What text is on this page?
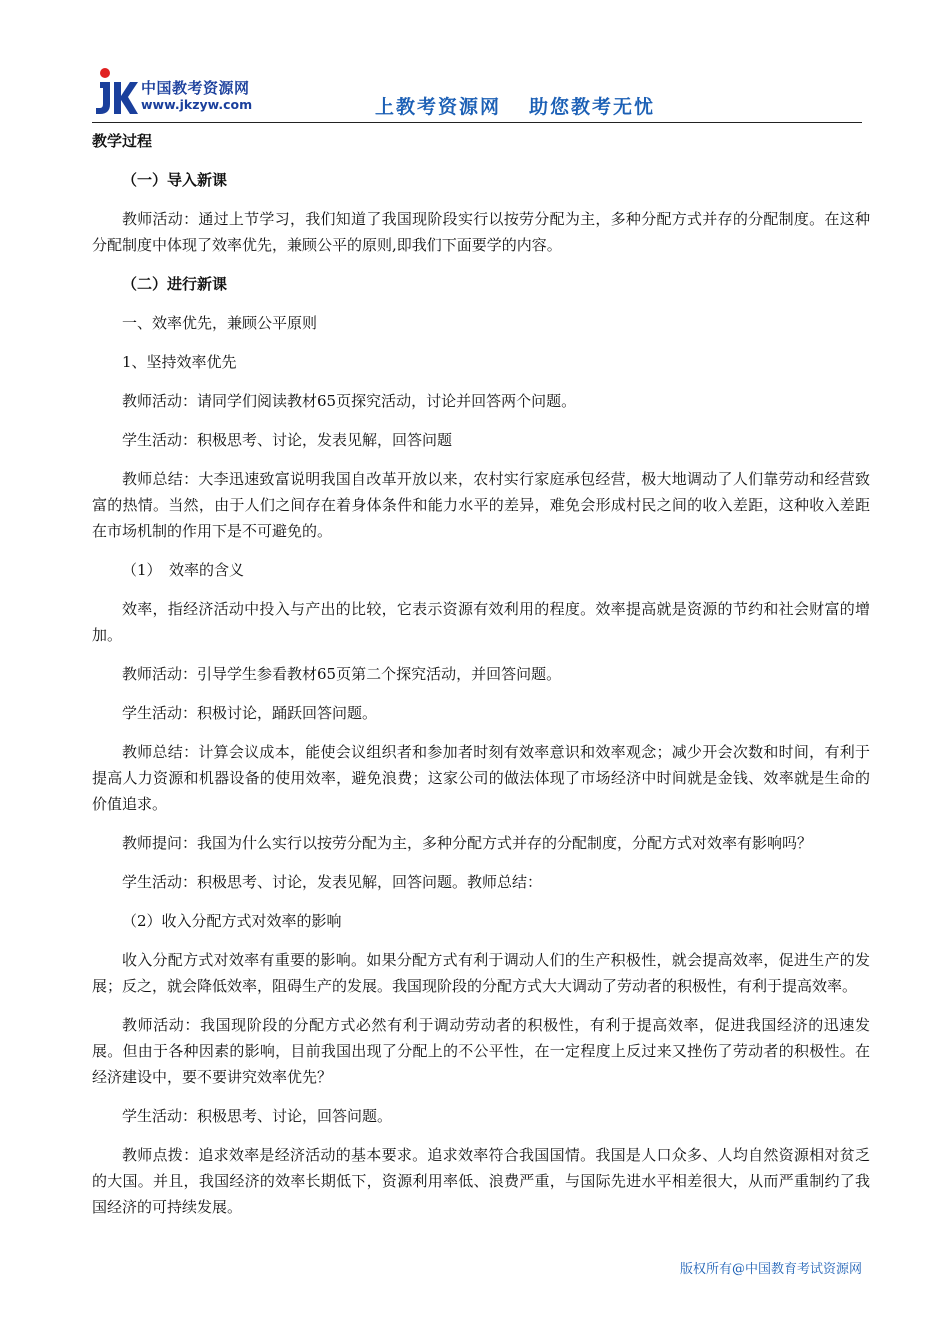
中国教考资源网
www.jkzyw.com	上教考资源网 助您教考无忧

教学过程

（一）导入新课

教师活动：通过上节学习，我们知道了我国现阶段实行以按劳分配为主，多种分配方式并存的分配制度。在这种分配制度中体现了效率优先，兼顾公平的原则,即我们下面要学的内容。

（二）进行新课

一、效率优先，兼顾公平原则

1、坚持效率优先

教师活动：请同学们阅读教材65页探究活动，讨论并回答两个问题。

学生活动：积极思考、讨论，发表见解，回答问题

教师总结：大李迅速致富说明我国自改革开放以来，农村实行家庭承包经营，极大地调动了人们靠劳动和经营致富的热情。当然，由于人们之间存在着身体条件和能力水平的差异，难免会形成村民之间的收入差距，这种收入差距在市场机制的作用下是不可避免的。

（1）　效率的含义

效率，指经济活动中投入与产出的比较，它表示资源有效利用的程度。效率提高就是资源的节约和社会财富的增加。

教师活动：引导学生参看教材65页第二个探究活动，并回答问题。

学生活动：积极讨论，踊跃回答问题。

教师总结：计算会议成本，能使会议组织者和参加者时刻有效率意识和效率观念；减少开会次数和时间，有利于提高人力资源和机器设备的使用效率，避免浪费；这家公司的做法体现了市场经济中时间就是金钱、效率就是生命的价值追求。

教师提问：我国为什么实行以按劳分配为主，多种分配方式并存的分配制度，分配方式对效率有影响吗？

学生活动：积极思考、讨论，发表见解，回答问题。教师总结：

（2）收入分配方式对效率的影响

收入分配方式对效率有重要的影响。如果分配方式有利于调动人们的生产积极性，就会提高效率，促进生产的发展；反之，就会降低效率，阻碍生产的发展。我国现阶段的分配方式大大调动了劳动者的积极性，有利于提高效率。

教师活动：我国现阶段的分配方式必然有利于调动劳动者的积极性，有利于提高效率，促进我国经济的迅速发展。但由于各种因素的影响，目前我国出现了分配上的不公平性，在一定程度上反过来又挫伤了劳动者的积极性。在经济建设中，要不要讲究效率优先？

学生活动：积极思考、讨论，回答问题。

教师点拨：追求效率是经济活动的基本要求。追求效率符合我国国情。我国是人口众多、人均自然资源相对贫乏的大国。并且，我国经济的效率长期低下，资源利用率低、浪费严重，与国际先进水平相差很大，从而严重制约了我国经济的可持续发展。

版权所有@中国教育考试资源网
